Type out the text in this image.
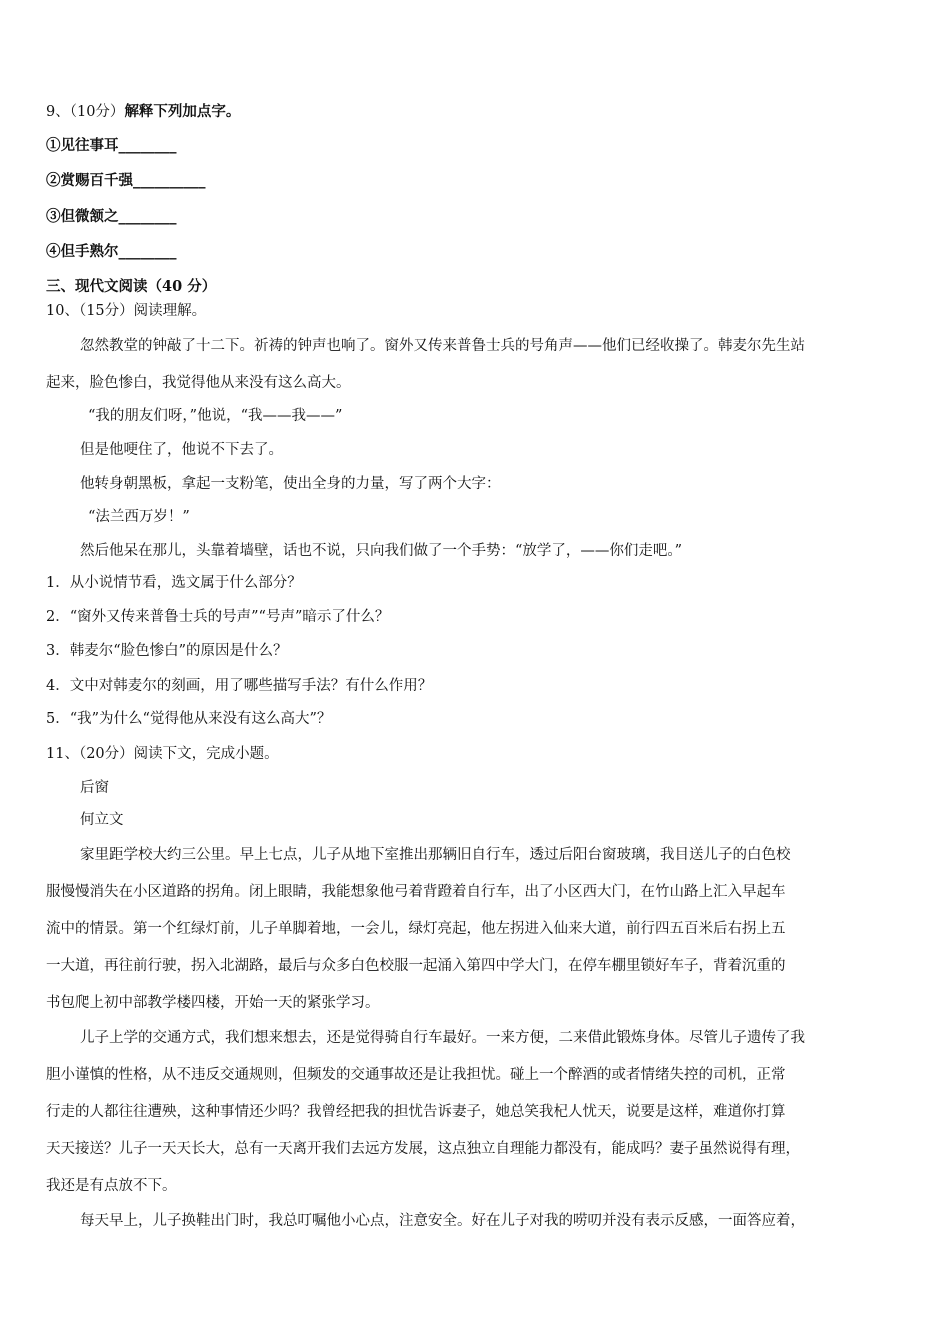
9、（10分）解释下列加点字。
①见往事耳________
②赏赐百千强__________
③但微颔之________
④但手熟尔________
三、现代文阅读（40 分）
10、（15分）阅读理解。
忽然教堂的钟敲了十二下。祈祷的钟声也响了。窗外又传来普鲁士兵的号角声——他们已经收操了。韩麦尔先生站
起来，脸色惨白，我觉得他从来没有这么高大。
“我的朋友们呀，”他说，“我——我——”
但是他哽住了，他说不下去了。
他转身朝黑板，拿起一支粉笔，使出全身的力量，写了两个大字：
“法兰西万岁！”
然后他呆在那儿，头靠着墙壁，话也不说，只向我们做了一个手势：“放学了，——你们走吧。”
1．从小说情节看，选文属于什么部分？
2．“窗外又传来普鲁士兵的号声”“号声”暗示了什么？
3．韩麦尔“脸色惨白”的原因是什么？
4．文中对韩麦尔的刻画，用了哪些描写手法？有什么作用？
5．“我”为什么“觉得他从来没有这么高大”？
11、（20分）阅读下文，完成小题。
后窗
何立文
家里距学校大约三公里。早上七点，儿子从地下室推出那辆旧自行车，透过后阳台窗玻璃，我目送儿子的白色校
服慢慢消失在小区道路的拐角。闭上眼睛，我能想象他弓着背蹬着自行车，出了小区西大门，在竹山路上汇入早起车
流中的情景。第一个红绿灯前，儿子单脚着地，一会儿，绿灯亮起，他左拐进入仙来大道，前行四五百米后右拐上五
一大道，再往前行驶，拐入北湖路，最后与众多白色校服一起涌入第四中学大门，在停车棚里锁好车子，背着沉重的
书包爬上初中部教学楼四楼，开始一天的紧张学习。
儿子上学的交通方式，我们想来想去，还是觉得骑自行车最好。一来方便，二来借此锻炼身体。尽管儿子遗传了我
胆小谨慎的性格，从不违反交通规则，但频发的交通事故还是让我担忧。碰上一个醉酒的或者情绪失控的司机，正常
行走的人都往往遭殃，这种事情还少吗？我曾经把我的担忧告诉妻子，她总笑我杞人忧天，说要是这样，难道你打算
天天接送？儿子一天天长大，总有一天离开我们去远方发展，这点独立自理能力都没有，能成吗？妻子虽然说得有理，
我还是有点放不下。
每天早上，儿子换鞋出门时，我总叮嘱他小心点，注意安全。好在儿子对我的唠叨并没有表示反感，一面答应着，
